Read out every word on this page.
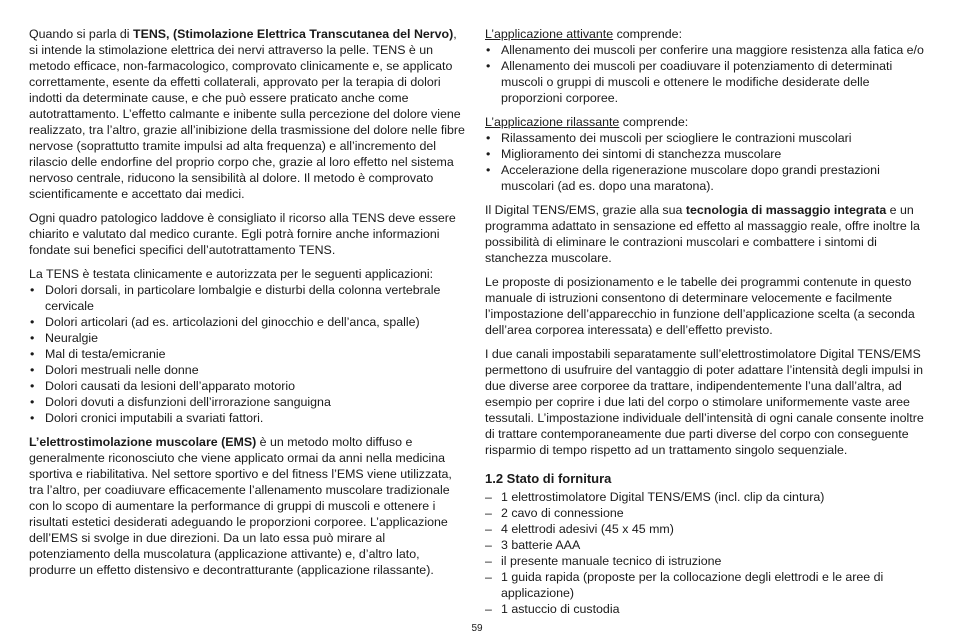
Quando si parla di TENS, (Stimolazione Elettrica Transcutanea del Nervo), si intende la stimolazione elettrica dei nervi attraverso la pelle. TENS è un metodo efficace, non-farmacologico, comprovato clinicamente e, se applicato correttamente, esente da effetti collaterali, approvato per la terapia di dolori indotti da determinate cause, e che può essere praticato anche come autotrattamento. L’effetto calmante e inibente sulla percezione del dolore viene realizzato, tra l’altro, grazie all’inibizione della trasmissione del dolore nelle fibre nervose (soprattutto tramite impulsi ad alta frequenza) e all’incremento del rilascio delle endorfine del proprio corpo che, grazie al loro effetto nel sistema nervoso centrale, riducono la sensibilità al dolore. Il metodo è comprovato scientificamente e accettato dai medici.

Ogni quadro patologico laddove è consigliato il ricorso alla TENS deve essere chiarito e valutato dal medico curante. Egli potrà fornire anche informazioni fondate sui benefici specifici dell’autotrattamento TENS.

La TENS è testata clinicamente e autorizzata per le seguenti applicazioni:
• Dolori dorsali, in particolare lombalgie e disturbi della colonna vertebrale cervicale
• Dolori articolari (ad es. articolazioni del ginocchio e dell’anca, spalle)
• Neuralgie
• Mal di testa/emicranie
• Dolori mestruali nelle donne
• Dolori causati da lesioni dell’apparato motorio
• Dolori dovuti a disfunzioni dell’irrorazione sanguigna
• Dolori cronici imputabili a svariati fattori.

L’elettrostimolazione muscolare (EMS) è un metodo molto diffuso e generalmente riconosciuto che viene applicato ormai da anni nella medicina sportiva e riabilitativa. Nel settore sportivo e del fitness l’EMS viene utilizzata, tra l’altro, per coadiuvare efficacemente l’allenamento muscolare tradizionale con lo scopo di aumentare la performance di gruppi di muscoli e ottenere i risultati estetici desiderati adeguando le proporzioni corporee. L’applicazione dell’EMS si svolge in due direzioni. Da un lato essa può mirare al potenziamento della muscolatura (applicazione attivante) e, d’altro lato, produrre un effetto distensivo e decontratturante (applicazione rilassante).

L’applicazione attivante comprende:
• Allenamento dei muscoli per conferire una maggiore resistenza alla fatica e/o
• Allenamento dei muscoli per coadiuvare il potenziamento di determinati muscoli o gruppi di muscoli e ottenere le modifiche desiderate delle proporzioni corporee.
L’applicazione rilassante comprende:
• Rilassamento dei muscoli per sciogliere le contrazioni muscolari
• Miglioramento dei sintomi di stanchezza muscolare
• Accelerazione della rigenerazione muscolare dopo grandi prestazioni muscolari (ad es. dopo una maratona).

Il Digital TENS/EMS, grazie alla sua tecnologia di massaggio integrata e un programma adattato in sensazione ed effetto al massaggio reale, offre inoltre la possibilità di eliminare le contrazioni muscolari e combattere i sintomi di stanchezza muscolare.

Le proposte di posizionamento e le tabelle dei programmi contenute in questo manuale di istruzioni consentono di determinare velocemente e facilmente l’impostazione dell’apparecchio in funzione dell’applicazione scelta (a seconda dell’area corporea interessata) e dell’effetto previsto.

I due canali impostabili separatamente sull’elettrostimolatore Digital TENS/EMS permettono di usufruire del vantaggio di poter adattare l’intensità degli impulsi in due diverse aree corporee da trattare, indipendentemente l’una dall’altra, ad esempio per coprire i due lati del corpo o stimolare uniformemente vaste aree tessutali. L’impostazione individuale dell’intensità di ogni canale consente inoltre di trattare contemporaneamente due parti diverse del corpo con conseguente risparmio di tempo rispetto ad un trattamento singolo sequenziale.

1.2 Stato di fornitura
– 1 elettrostimolatore Digital TENS/EMS (incl. clip da cintura)
– 2 cavo di connessione
– 4 elettrodi adesivi (45 x 45 mm)
– 3 batterie AAA
– il presente manuale tecnico di istruzione
– 1 guida rapida (proposte per la collocazione degli elettrodi e le aree di applicazione)
– 1 astuccio di custodia
59
